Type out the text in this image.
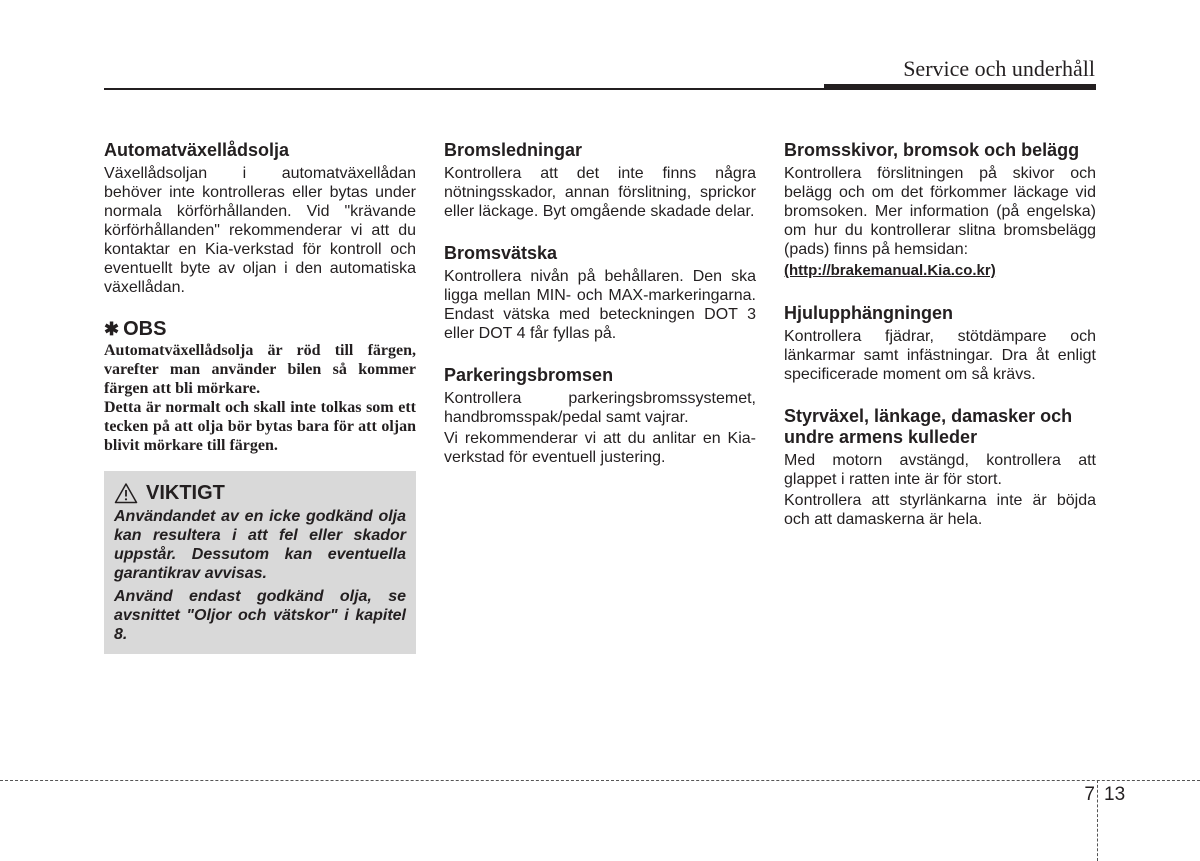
Service och underhåll
Automatväxellådsolja

Växellådsoljan i automatväxellådan behöver inte kontrolleras eller bytas under normala körförhållanden. Vid "krävande körförhållanden" rekommenderar vi att du kontaktar en Kia-verkstad för kontroll och eventuellt byte av oljan i den automatiska växellådan.

✱ OBS

Automatväxellådsolja är röd till färgen, varefter man använder bilen så kommer färgen att bli mörkare.

Detta är normalt och skall inte tolkas som ett tecken på att olja bör bytas bara för att oljan blivit mörkare till färgen.

VIKTIGT

Användandet av en icke godkänd olja kan resultera i att fel eller skador uppstår. Dessutom kan eventuella garantikrav avvisas.

Använd endast godkänd olja, se avsnittet "Oljor och vätskor" i kapitel 8.

Bromsledningar

Kontrollera att det inte finns några nötningsskador, annan förslitning, sprickor eller läckage. Byt omgående skadade delar.

Bromsvätska

Kontrollera nivån på behållaren. Den ska ligga mellan MIN- och MAX-markeringarna. Endast vätska med beteckningen DOT 3 eller DOT 4 får fyllas på.

Parkeringsbromsen

Kontrollera parkeringsbromssystemet, handbromsspak/pedal samt vajrar.

Vi rekommenderar vi att du anlitar en Kia-verkstad för eventuell justering.

Bromsskivor, bromsok och belägg

Kontrollera förslitningen på skivor och belägg och om det förkommer läckage vid bromsoken. Mer information (på engelska) om hur du kontrollerar slitna bromsbelägg (pads) finns på hemsidan:

(http://brakemanual.Kia.co.kr)
Hjulupphängningen

Kontrollera fjädrar, stötdämpare och länkarmar samt infästningar. Dra åt enligt specificerade moment om så krävs.

Styrväxel, länkage, damasker och undre armens kulleder

Med motorn avstängd, kontrollera att glappet i ratten inte är för stort.

Kontrollera att styrlänkarna inte är böjda och att damaskerna är hela.

7 13
